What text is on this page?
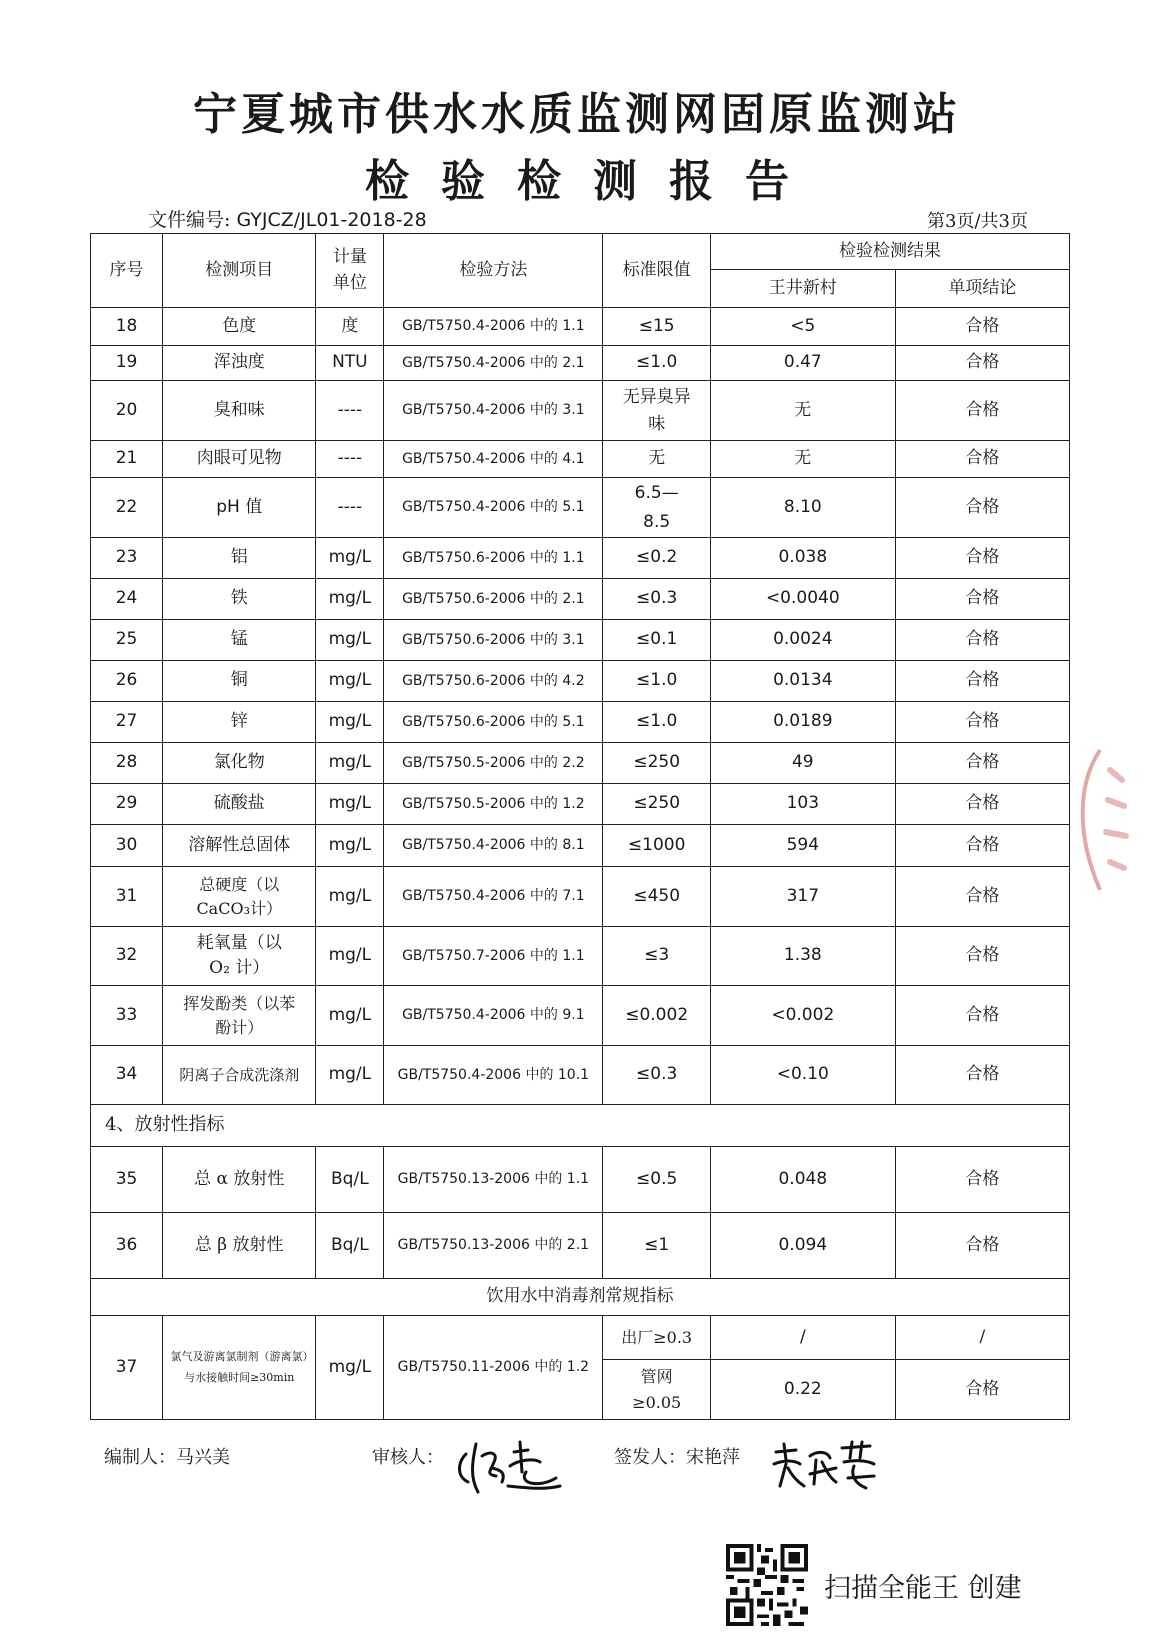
宁夏城市供水水质监测网固原监测站
检验检测报告
文件编号: GYJCZ/JL01-2018-28	第3页/共3页
序号	检测项目	计量单位	检验方法	标准限值	检验检测结果	
					王井新村	单项结论
18	色度	度	GB/T5750.4-2006 中的 1.1	≤15	<5	合格
19	浑浊度	NTU	GB/T5750.4-2006 中的 2.1	≤1.0	0.47	合格
20	臭和味	----	GB/T5750.4-2006 中的 3.1	无异臭异味	无	合格
21	肉眼可见物	----	GB/T5750.4-2006 中的 4.1	无	无	合格
22	pH 值	----	GB/T5750.4-2006 中的 5.1	6.5—8.5	8.10	合格
23	铝	mg/L	GB/T5750.6-2006 中的 1.1	≤0.2	0.038	合格
24	铁	mg/L	GB/T5750.6-2006 中的 2.1	≤0.3	<0.0040	合格
25	锰	mg/L	GB/T5750.6-2006 中的 3.1	≤0.1	0.0024	合格
26	铜	mg/L	GB/T5750.6-2006 中的 4.2	≤1.0	0.0134	合格
27	锌	mg/L	GB/T5750.6-2006 中的 5.1	≤1.0	0.0189	合格
28	氯化物	mg/L	GB/T5750.5-2006 中的 2.2	≤250	49	合格
29	硫酸盐	mg/L	GB/T5750.5-2006 中的 1.2	≤250	103	合格
30	溶解性总固体	mg/L	GB/T5750.4-2006 中的 8.1	≤1000	594	合格
31	总硬度（以CaCO₃计）	mg/L	GB/T5750.4-2006 中的 7.1	≤450	317	合格
32	耗氧量（以 O₂ 计）	mg/L	GB/T5750.7-2006 中的 1.1	≤3	1.38	合格
33	挥发酚类（以苯酚计）	mg/L	GB/T5750.4-2006 中的 9.1	≤0.002	<0.002	合格
34	阴离子合成洗涤剂	mg/L	GB/T5750.4-2006 中的 10.1	≤0.3	<0.10	合格
4、放射性指标						
35	总 α 放射性	Bq/L	GB/T5750.13-2006 中的 1.1	≤0.5	0.048	合格
36	总 β 放射性	Bq/L	GB/T5750.13-2006 中的 2.1	≤1	0.094	合格
饮用水中消毒剂常规指标						
37	氯气及游离氯制剂（游离氯）与水接触时间≥30min	mg/L	GB/T5750.11-2006 中的 1.2	出厂≥0.3	/	/
				管网≥0.05	0.22	合格
编制人：马兴美	审核人：	签发人：宋艳萍
扫描全能王 创建
